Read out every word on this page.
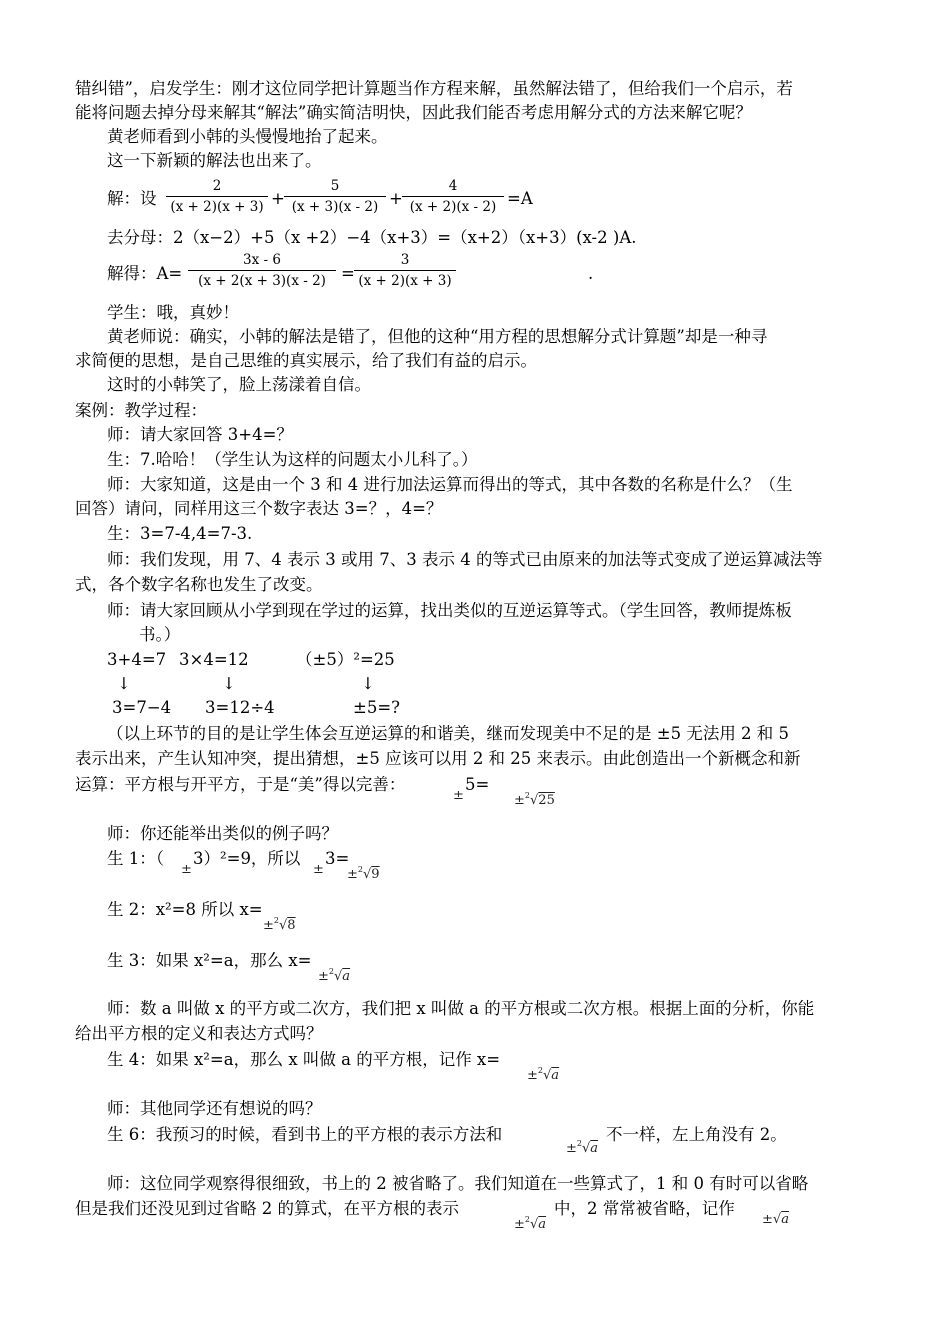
错纠错”，启发学生：刚才这位同学把计算题当作方程来解，虽然解法错了，但给我们一个启示，若
能将问题去掉分母来解其“解法”确实简洁明快，因此我们能否考虑用解分式的方法来解它呢？
黄老师看到小韩的头慢慢地抬了起来。
这一下新颖的解法也出来了。
解：设 $\frac{2}{(x + 2)(x + 3)} + \frac{5}{(x + 3)(x - 2)} + \frac{4}{(x + 2)(x - 2)} =A$
去分母：2（x−2）+5（x +2）−4（x+3）=（x+2）（x+3）(x-2 )A.
解得：$A= \frac{3x - 6}{(x + 2(x + 3)(x - 2)} = \frac{3}{(x + 2)(x + 3)}$	.
学生：哦，真妙！
黄老师说：确实，小韩的解法是错了，但他的这种“用方程的思想解分式计算题”却是一种寻
求简便的思想，是自己思维的真实展示，给了我们有益的启示。
这时的小韩笑了，脸上荡漾着自信。
案例：教学过程：
师：请大家回答 3+4=？
生：7.哈哈！（学生认为这样的问题太小儿科了。）
师：大家知道，这是由一个 3 和 4 进行加法运算而得出的等式，其中各数的名称是什么？（生
回答）请问，同样用这三个数字表达 3=？，4=？
生：3=7-4,4=7-3.
师：我们发现，用 7、4 表示 3 或用 7、3 表示 4 的等式已由原来的加法等式变成了逆运算减法等
式，各个数字名称也发生了改变。
师：请大家回顾从小学到现在学过的运算，找出类似的互逆运算等式。（学生回答，教师提炼板
书。）
3+4=7 3×4=12	（±5）²=25
↓	↓	↓
3=7−4 3=12÷4	±5=?
（以上环节的目的是让学生体会互逆运算的和谐美，继而发现美中不足的是 ±5 无法用 2 和 5
表示出来，产生认知冲突，提出猜想，±5 应该可以用 2 和 25 来表示。由此创造出一个新概念和新
运算：平方根与开平方，于是“美”得以完善：
±
5=
±$^2$√25
师：你还能举出类似的例子吗？
生 1：（
±
3）²=9，所以
±
3=
±$^2$√9
生 2：x²=8 所以 x=
±$^2$√8
生 3：如果 x²=a，那么 x=
±$^2$√a
师：数 a 叫做 x 的平方或二次方，我们把 x 叫做 a 的平方根或二次方根。根据上面的分析，你能
给出平方根的定义和表达方式吗？
生 4：如果 x²=a，那么 x 叫做 a 的平方根，记作 x=
±$^2$√a
师：其他同学还有想说的吗？
生 6：我预习的时候，看到书上的平方根的表示方法和
±$^2$√a
不一样，左上角没有 2。
师：这位同学观察得很细致，书上的 2 被省略了。我们知道在一些算式了，1 和 0 有时可以省略
但是我们还没见到过省略 2 的算式，在平方根的表示
±$^2$√a
中，2 常常被省略，记作
±√a
